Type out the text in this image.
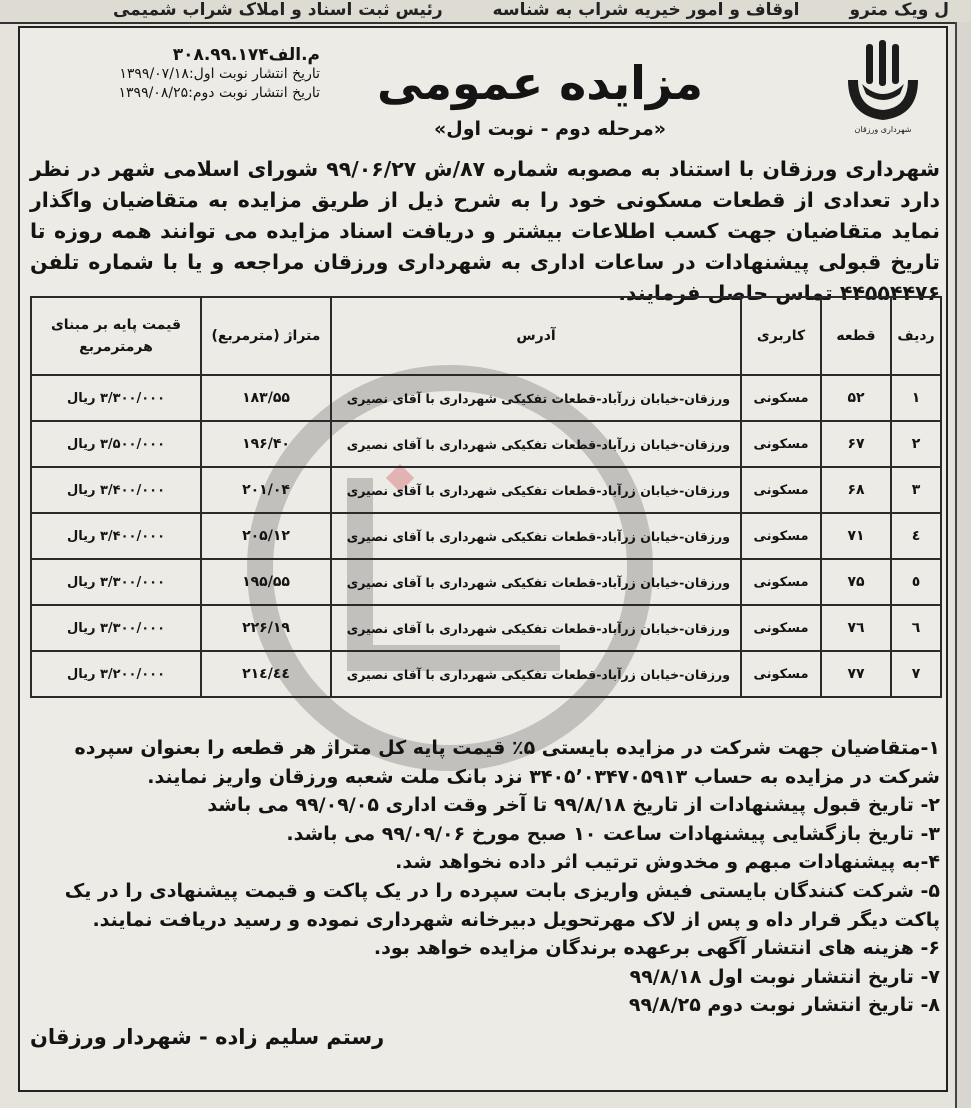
ل ویک مترو اوقاف و امور خیریه شراب به شناسه رئیس ثبت اسناد و املاک شراب شمیمی
شهرداری ورزقان
مزایده عمومی
«مرحله دوم - نوبت اول»
م.الف۳۰۸.۹۹.۱۷۴
تاریخ انتشار نوبت اول:۱۳۹۹/۰۷/۱۸
تاریخ انتشار نوبت دوم:۱۳۹۹/۰۸/۲۵
شهرداری ورزقان با استناد به مصوبه شماره ۸۷/ش ۹۹/۰۶/۲۷ شورای اسلامی شهر در نظر دارد تعدادی از قطعات مسکونی خود را به شرح ذیل از طریق مزایده به متقاضیان واگذار نماید متقاضیان جهت کسب اطلاعات بیشتر و دریافت اسناد مزایده می توانند همه روزه تا تاریخ قبولی پیشنهادات در ساعات اداری به شهرداری ورزقان مراجعه و یا با شماره تلفن ۴۴۵۵۴۴۷۶ تماس حاصل فرمایند.
ردیف	قطعه	کاربری	آدرس	متراژ (مترمربع)	قیمت پایه بر مبنای هرمترمربع
۱	۵۲	مسکونی	ورزقان-خیابان زرآباد-قطعات تفکیکی شهرداری با آقای نصیری	۱۸۳/۵۵	۳/۳۰۰/۰۰۰ ریال
۲	۶۷	مسکونی	ورزقان-خیابان زرآباد-قطعات تفکیکی شهرداری با آقای نصیری	۱۹۶/۴۰	۳/۵۰۰/۰۰۰ ریال
۳	۶۸	مسکونی	ورزقان-خیابان زرآباد-قطعات تفکیکی شهرداری با آقای نصیری	۲۰۱/۰۴	۳/۴۰۰/۰۰۰ ریال
٤	۷۱	مسکونی	ورزقان-خیابان زرآباد-قطعات تفکیکی شهرداری با آقای نصیری	۲۰۵/۱۲	۳/۴۰۰/۰۰۰ ریال
٥	۷۵	مسکونی	ورزقان-خیابان زرآباد-قطعات تفکیکی شهرداری با آقای نصیری	۱۹۵/۵۵	۳/۳۰۰/۰۰۰ ریال
٦	۷٦	مسکونی	ورزقان-خیابان زرآباد-قطعات تفکیکی شهرداری با آقای نصیری	۲۲۶/۱۹	۳/۳۰۰/۰۰۰ ریال
۷	۷۷	مسکونی	ورزقان-خیابان زرآباد-قطعات تفکیکی شهرداری با آقای نصیری	۲۱٤/٤٤	۳/۲۰۰/۰۰۰ ریال
۱-متقاضیان جهت شرکت در مزایده بایستی ۵٪ قیمت پایه کل متراژ هر قطعه را بعنوان سپرده شرکت در مزایده به حساب ۳۴۰۵٬۰۳۴۷۰۵۹۱۳ نزد بانک ملت شعبه ورزقان واریز نمایند.
۲- تاریخ قبول پیشنهادات از تاریخ ۹۹/۸/۱۸ تا آخر وقت اداری ۹۹/۰۹/۰۵ می باشد
۳- تاریخ بازگشایی پیشنهادات ساعت ۱۰ صبح مورخ ۹۹/۰۹/۰۶ می باشد.
۴-به پیشنهادات مبهم و مخدوش ترتیب اثر داده نخواهد شد.
۵- شرکت کنندگان بایستی فیش واریزی بابت سپرده را در یک پاکت و قیمت پیشنهادی را در یک پاکت دیگر قرار داه و پس از لاک مهرتحویل دبیرخانه شهرداری نموده و رسید دریافت نمایند.
۶- هزینه های انتشار آگهی برعهده برندگان مزایده خواهد بود.
۷- تاریخ انتشار نوبت اول ۹۹/۸/۱۸
۸- تاریخ انتشار نوبت دوم ۹۹/۸/۲۵
رستم سلیم زاده - شهردار ورزقان
